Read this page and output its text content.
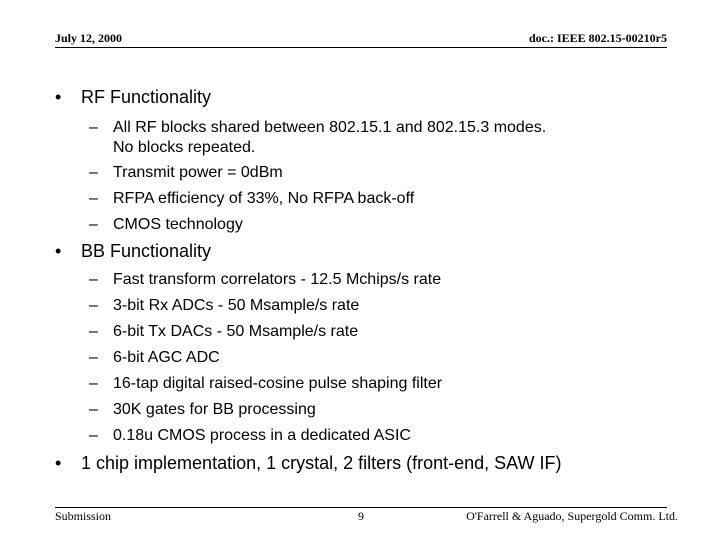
July 12, 2000	doc.: IEEE 802.15-00210r5
• RF Functionality
– All RF blocks shared between 802.15.1 and 802.15.3 modes.
No blocks repeated.
– Transmit power = 0dBm
– RFPA efficiency of 33%, No RFPA back-off
– CMOS technology
• BB Functionality
– Fast transform correlators - 12.5 Mchips/s rate
– 3-bit Rx ADCs - 50 Msample/s rate
– 6-bit Tx DACs - 50 Msample/s rate
– 6-bit AGC ADC
– 16-tap digital raised-cosine pulse shaping filter
– 30K gates for BB processing
– 0.18u CMOS process in a dedicated ASIC
• 1 chip implementation, 1 crystal, 2 filters (front-end, SAW IF)
Submission	9	O'Farrell & Aguado, Supergold Comm. Ltd.
